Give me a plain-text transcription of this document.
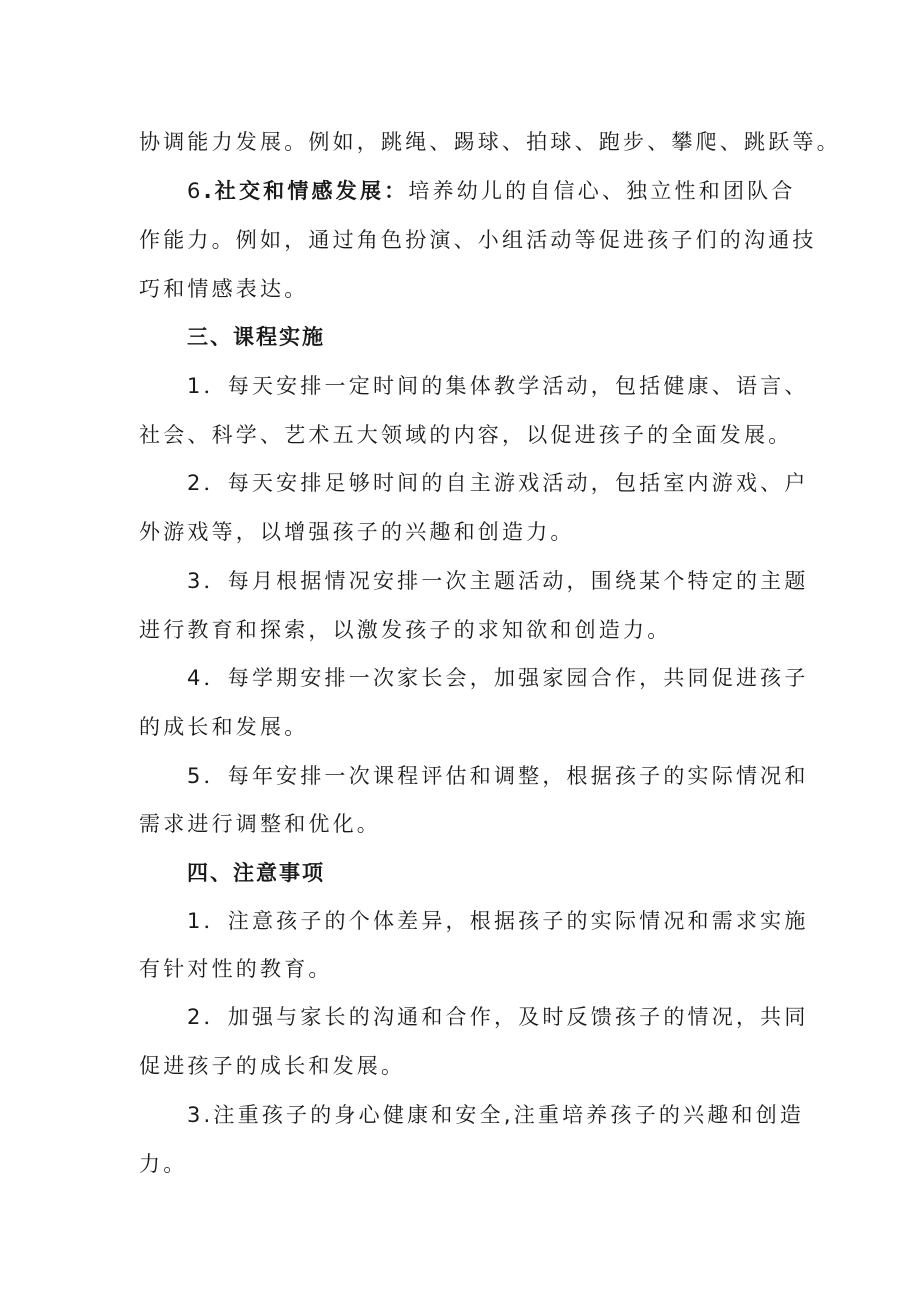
协调能力发展。例如，跳绳、踢球、拍球、跑步、攀爬、跳跃等。
6.社交和情感发展：培养幼儿的自信心、独立性和团队合
作能力。例如，通过角色扮演、小组活动等促进孩子们的沟通技
巧和情感表达。
三、课程实施
1．每天安排一定时间的集体教学活动，包括健康、语言、
社会、科学、艺术五大领域的内容，以促进孩子的全面发展。
2．每天安排足够时间的自主游戏活动，包括室内游戏、户
外游戏等，以增强孩子的兴趣和创造力。
3．每月根据情况安排一次主题活动，围绕某个特定的主题
进行教育和探索，以激发孩子的求知欲和创造力。
4．每学期安排一次家长会，加强家园合作，共同促进孩子
的成长和发展。
5．每年安排一次课程评估和调整，根据孩子的实际情况和
需求进行调整和优化。
四、注意事项
1．注意孩子的个体差异，根据孩子的实际情况和需求实施
有针对性的教育。
2．加强与家长的沟通和合作，及时反馈孩子的情况，共同
促进孩子的成长和发展。
3.注重孩子的身心健康和安全,注重培养孩子的兴趣和创造
力。
